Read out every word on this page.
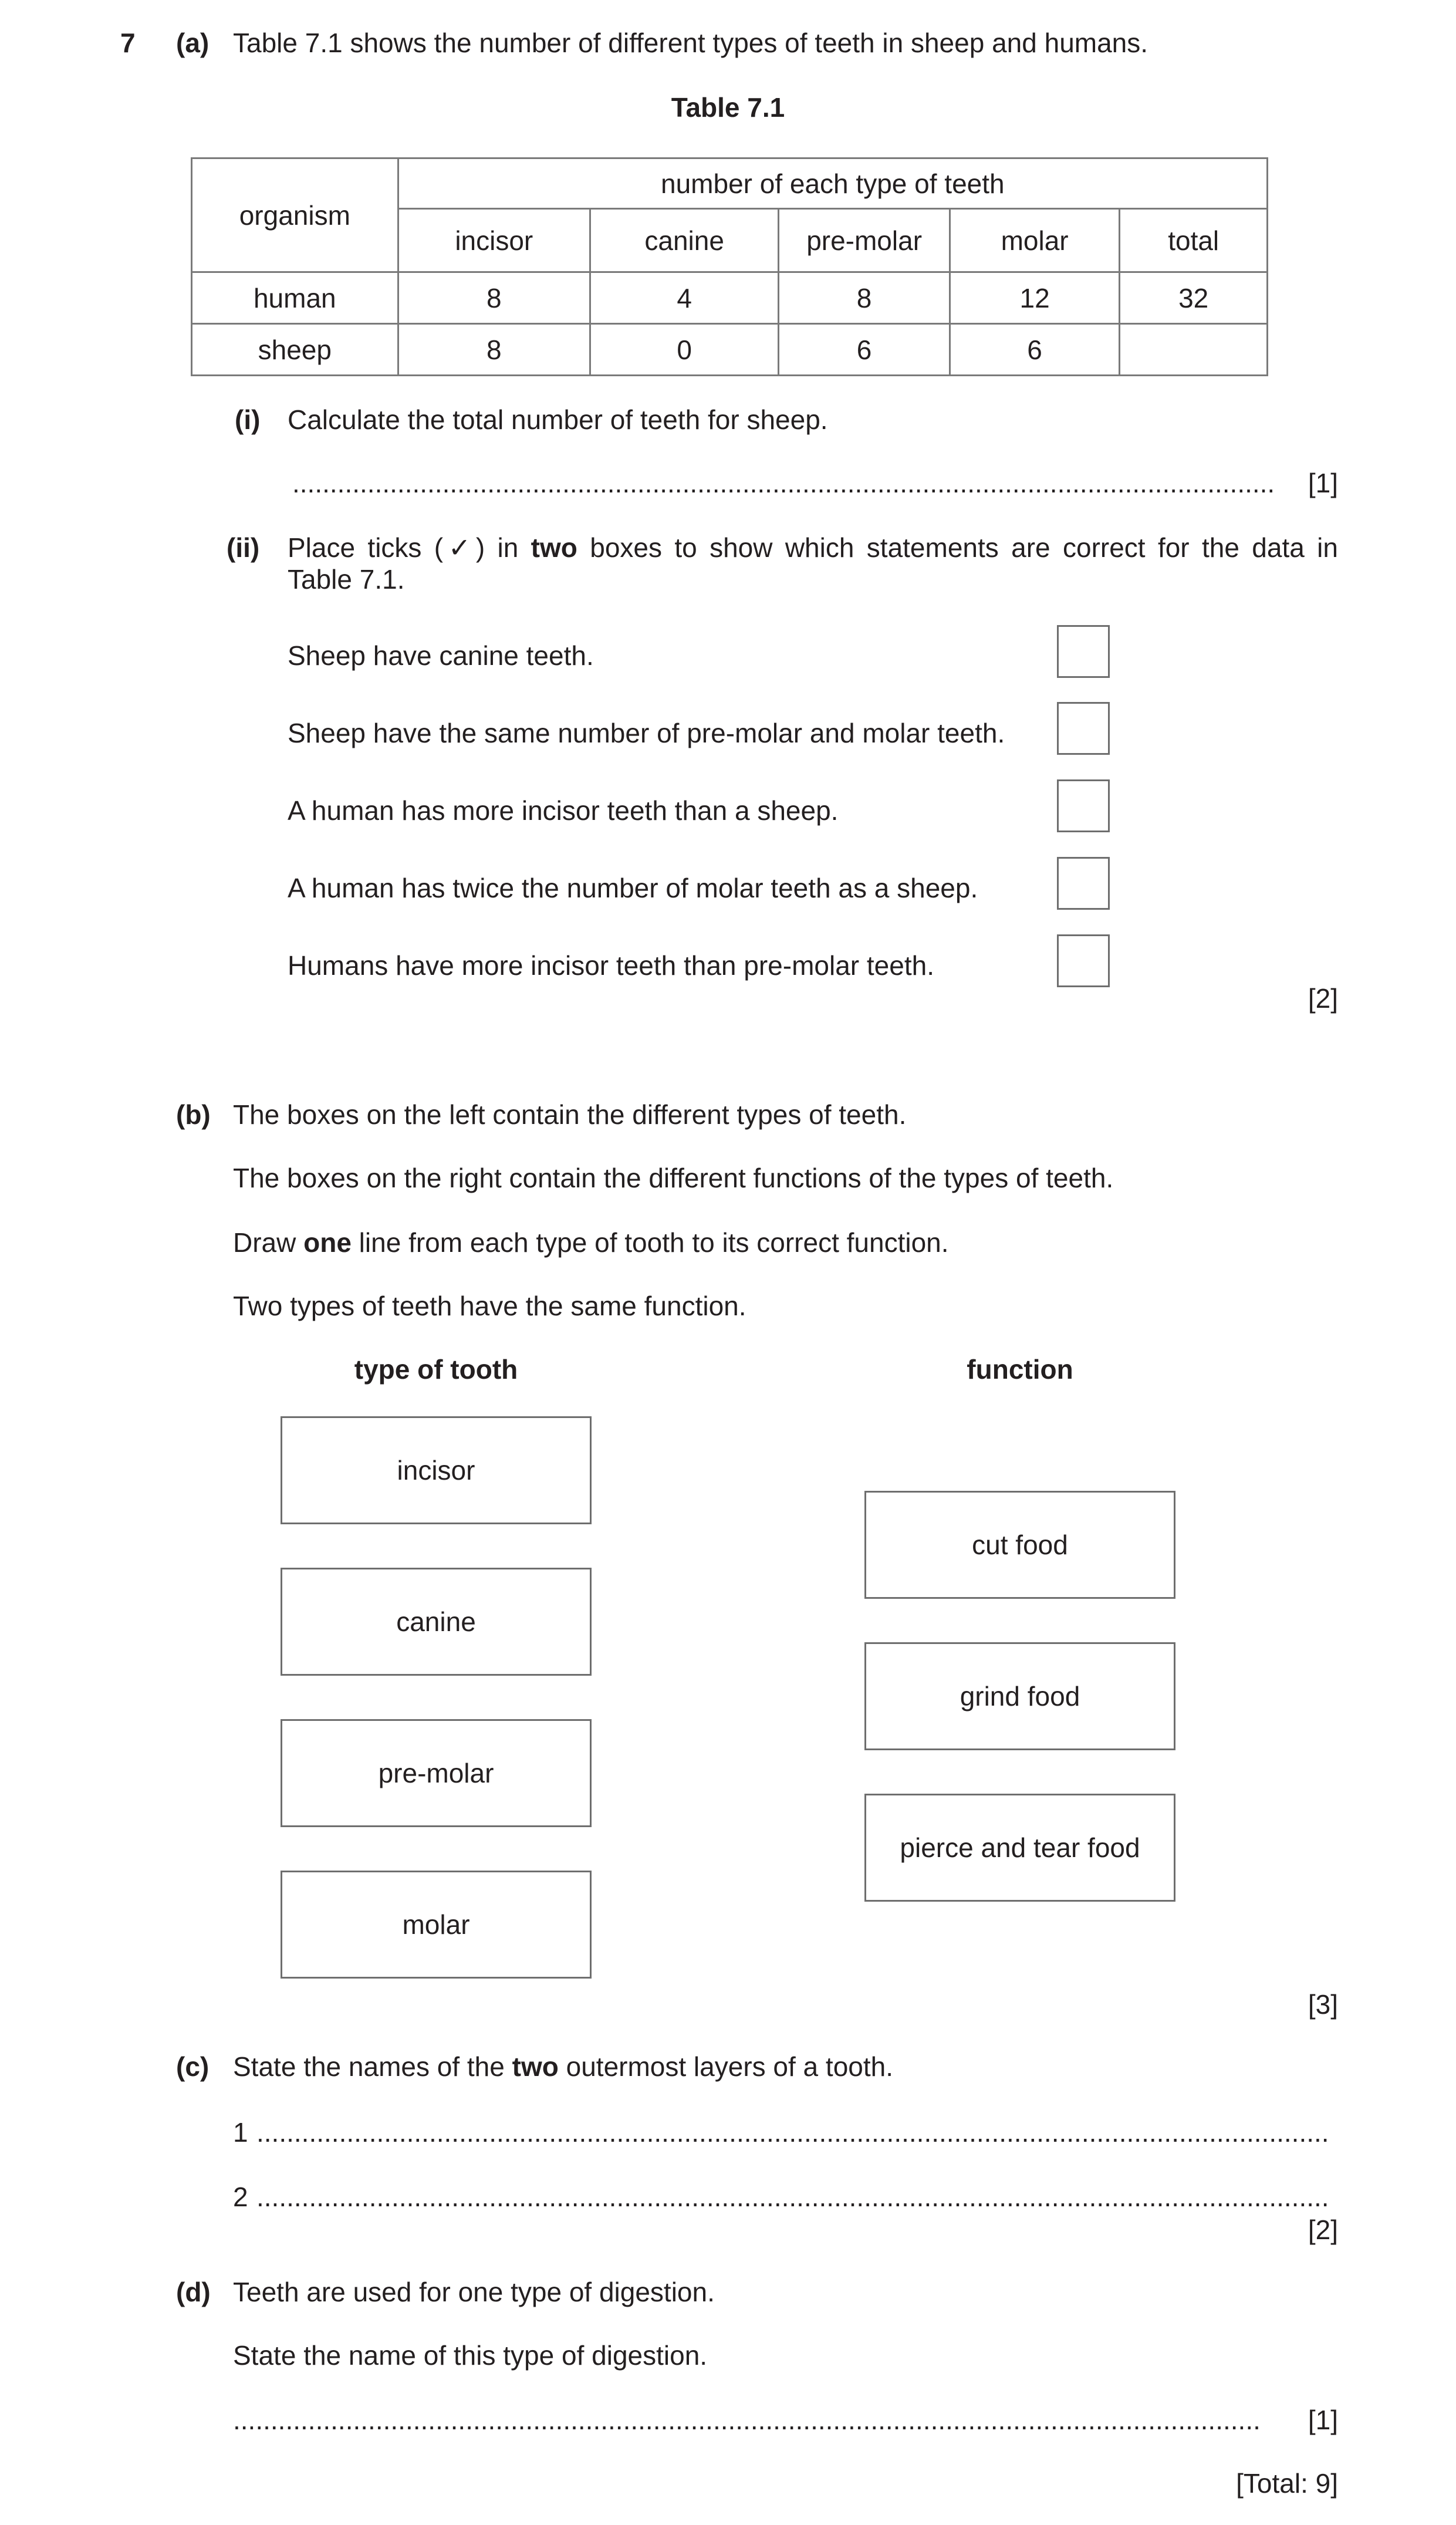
7 (a) Table 7.1 shows the number of different types of teeth in sheep and humans.
Table 7.1
organism	number of each type of teeth				
	incisor	canine	pre-molar	molar	total
human	8	4	8	12	32
sheep	8	0	6	6	
(i) Calculate the total number of teeth for sheep.
...................................................................................................................................	[1]
(ii) Place ticks (✓) in two boxes to show which statements are correct for the data in
Table 7.1.
Sheep have canine teeth.
Sheep have the same number of pre-molar and molar teeth.
A human has more incisor teeth than a sheep.
A human has twice the number of molar teeth as a sheep.
Humans have more incisor teeth than pre-molar teeth.
[2]
(b) The boxes on the left contain the different types of teeth.
The boxes on the right contain the different functions of the types of teeth.
Draw one line from each type of tooth to its correct function.
Two types of teeth have the same function.
type of tooth	function
incisor
canine
pre-molar
molar
cut food
grind food
pierce and tear food
[3]
(c) State the names of the two outermost layers of a tooth.
1 ...............................................................................................................................................
2 ...............................................................................................................................................
[2]
(d) Teeth are used for one type of digestion.
State the name of this type of digestion.
.........................................................................................................................................	[1]
[Total: 9]
